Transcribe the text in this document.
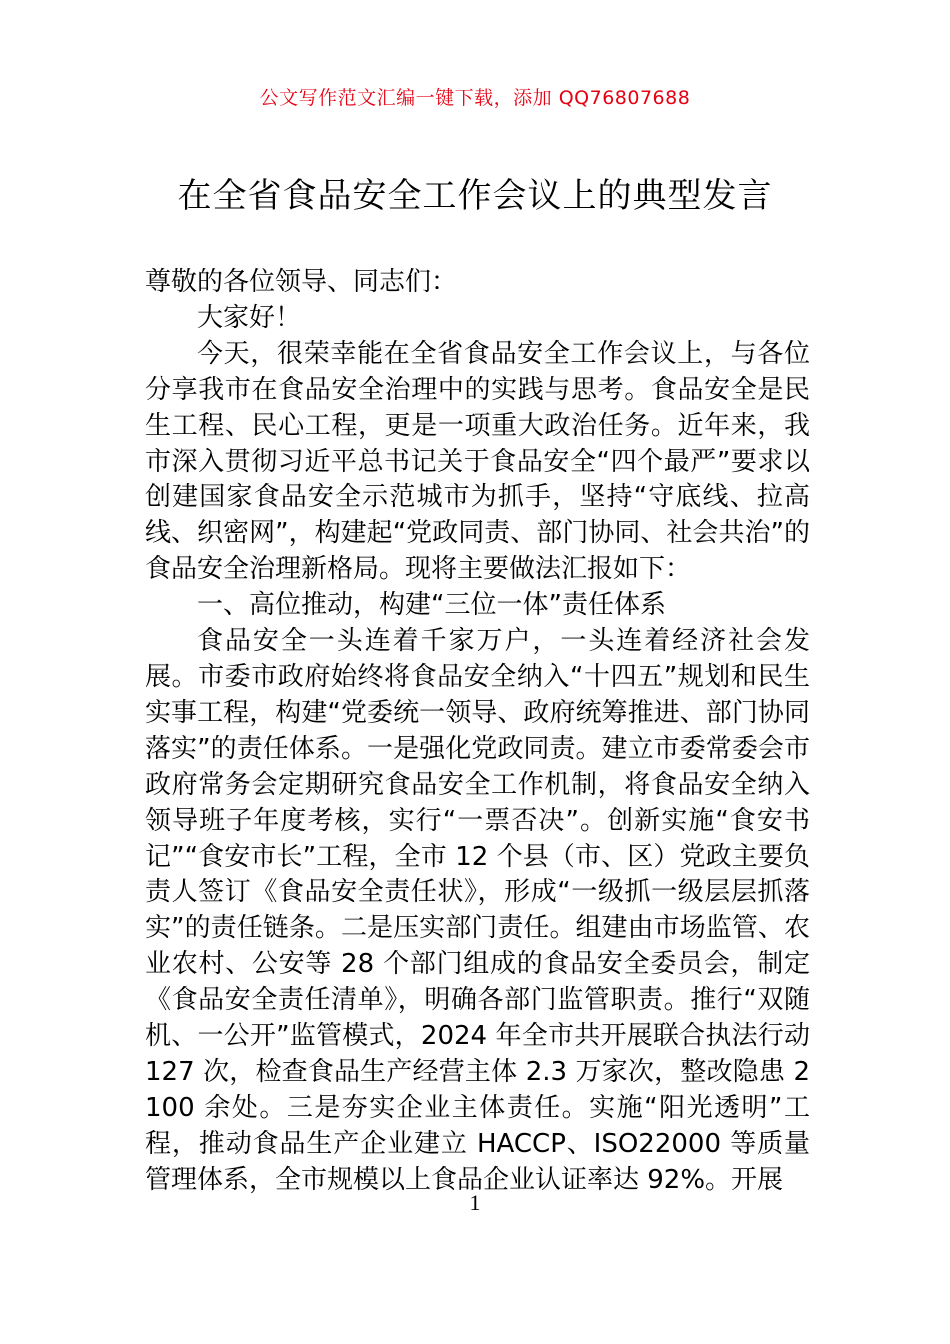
公文写作范文汇编一键下载，添加 QQ76807688
在全省食品安全工作会议上的典型发言

尊敬的各位领导、同志们：

大家好！

今天，很荣幸能在全省食品安全工作会议上，与各位分享我市在食品安全治理中的实践与思考。食品安全是民生工程、民心工程，更是一项重大政治任务。近年来，我市深入贯彻习近平总书记关于食品安全“四个最严”要求以创建国家食品安全示范城市为抓手，坚持“守底线、拉高线、织密网”，构建起“党政同责、部门协同、社会共治”的食品安全治理新格局。现将主要做法汇报如下：

一、高位推动，构建“三位一体”责任体系

食品安全一头连着千家万户，一头连着经济社会发展。市委市政府始终将食品安全纳入“十四五”规划和民生实事工程，构建“党委统一领导、政府统筹推进、部门协同落实”的责任体系。一是强化党政同责。建立市委常委会市政府常务会定期研究食品安全工作机制，将食品安全纳入领导班子年度考核，实行“一票否决”。创新实施“食安书记”“食安市长”工程，全市 12 个县（市、区）党政主要负责人签订《食品安全责任状》，形成“一级抓一级层层抓落实”的责任链条。二是压实部门责任。组建由市场监管、农业农村、公安等 28 个部门组成的食品安全委员会，制定《食品安全责任清单》，明确各部门监管职责。推行“双随机、一公开”监管模式，2024 年全市共开展联合执法行动 127 次，检查食品生产经营主体 2.3 万家次，整改隐患 2100 余处。三是夯实企业主体责任。实施“阳光透明”工程，推动食品生产企业建立 HACCP、ISO22000 等质量管理体系，全市规模以上食品企业认证率达 92%。开展

1
